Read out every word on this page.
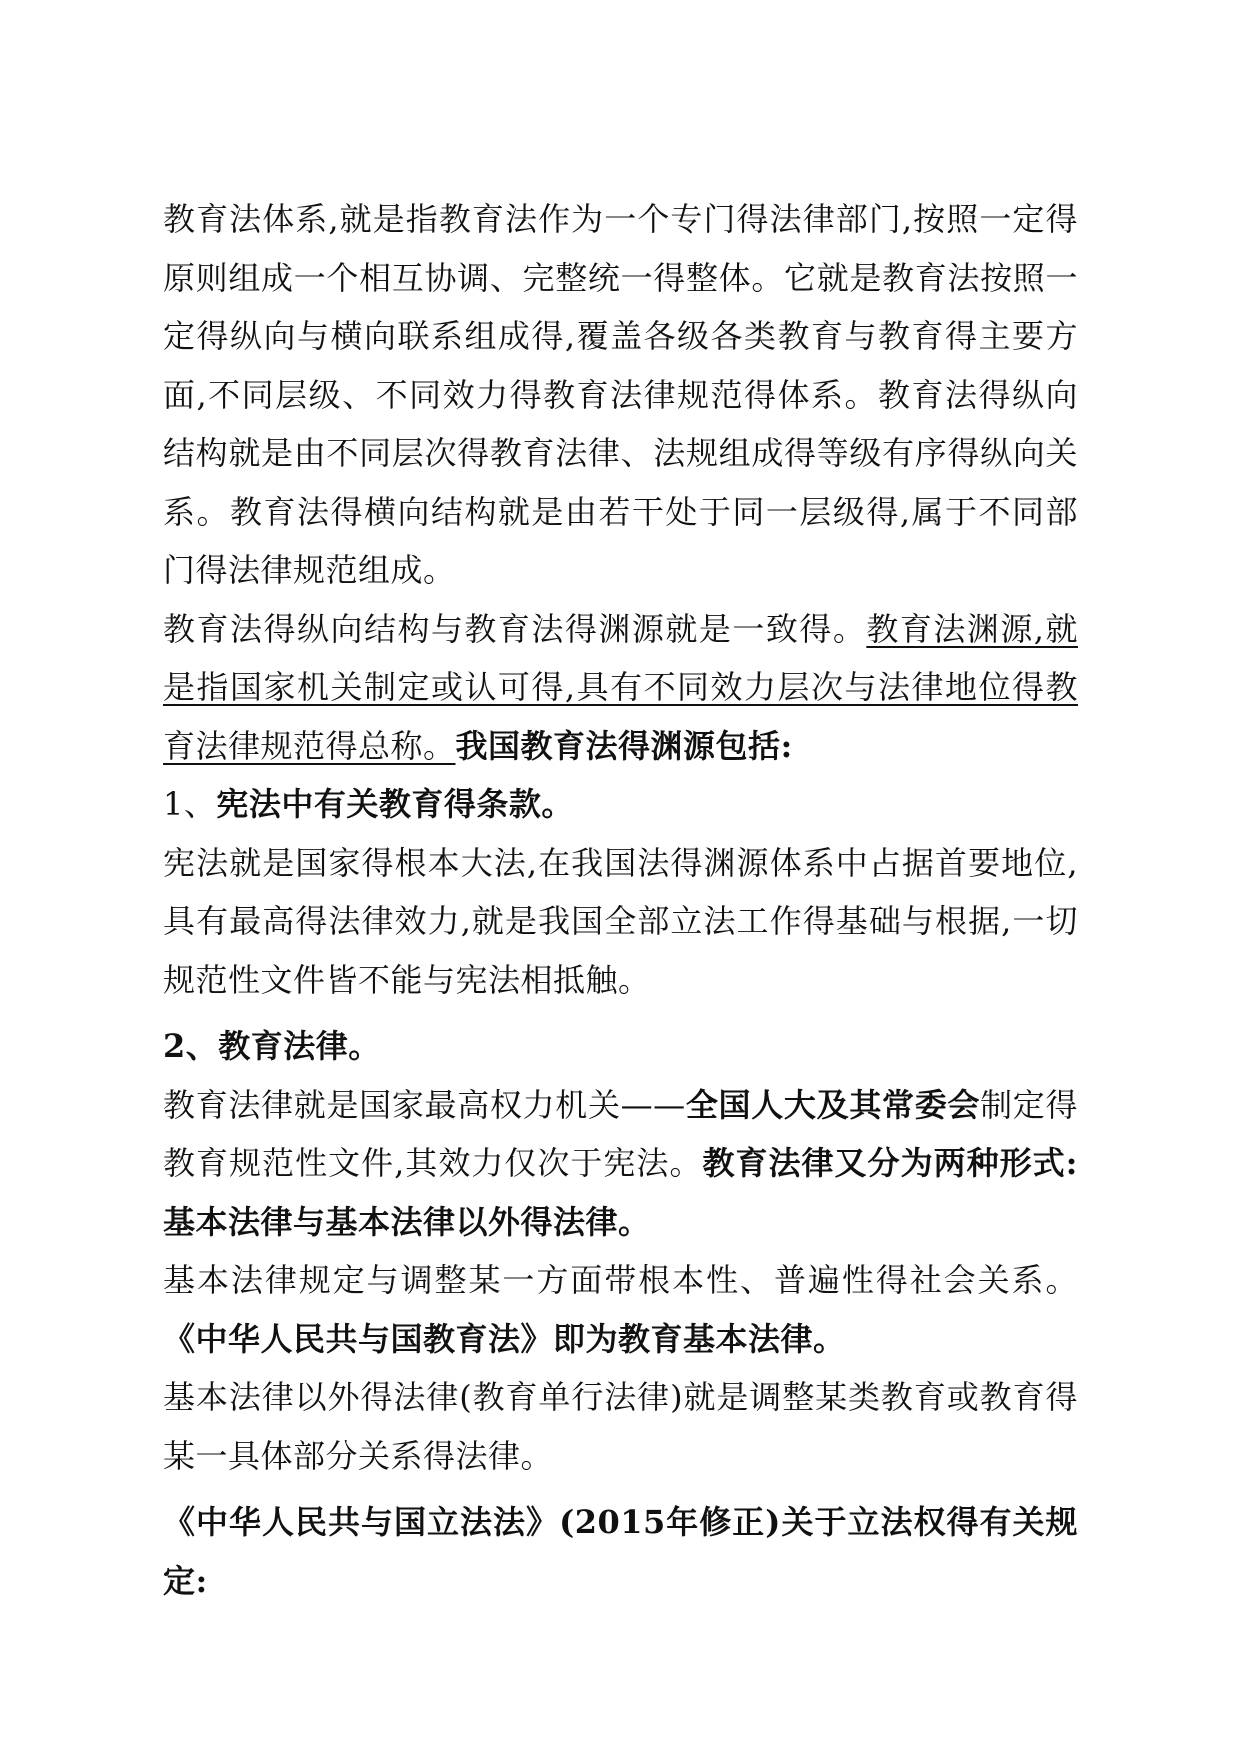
教育法体系,就是指教育法作为一个专门得法律部门,按照一定得原则组成一个相互协调、完整统一得整体。它就是教育法按照一定得纵向与横向联系组成得,覆盖各级各类教育与教育得主要方面,不同层级、不同效力得教育法律规范得体系。教育法得纵向结构就是由不同层次得教育法律、法规组成得等级有序得纵向关系。教育法得横向结构就是由若干处于同一层级得,属于不同部门得法律规范组成。

教育法得纵向结构与教育法得渊源就是一致得。教育法渊源,就是指国家机关制定或认可得,具有不同效力层次与法律地位得教育法律规范得总称。我国教育法得渊源包括:

1、宪法中有关教育得条款。

宪法就是国家得根本大法,在我国法得渊源体系中占据首要地位,具有最高得法律效力,就是我国全部立法工作得基础与根据,一切规范性文件皆不能与宪法相抵触。

2、教育法律。

教育法律就是国家最高权力机关——全国人大及其常委会制定得教育规范性文件,其效力仅次于宪法。教育法律又分为两种形式:基本法律与基本法律以外得法律。

基本法律规定与调整某一方面带根本性、普遍性得社会关系。《中华人民共与国教育法》即为教育基本法律。

基本法律以外得法律(教育单行法律)就是调整某类教育或教育得某一具体部分关系得法律。

《中华人民共与国立法法》(2015年修正)关于立法权得有关规定:
